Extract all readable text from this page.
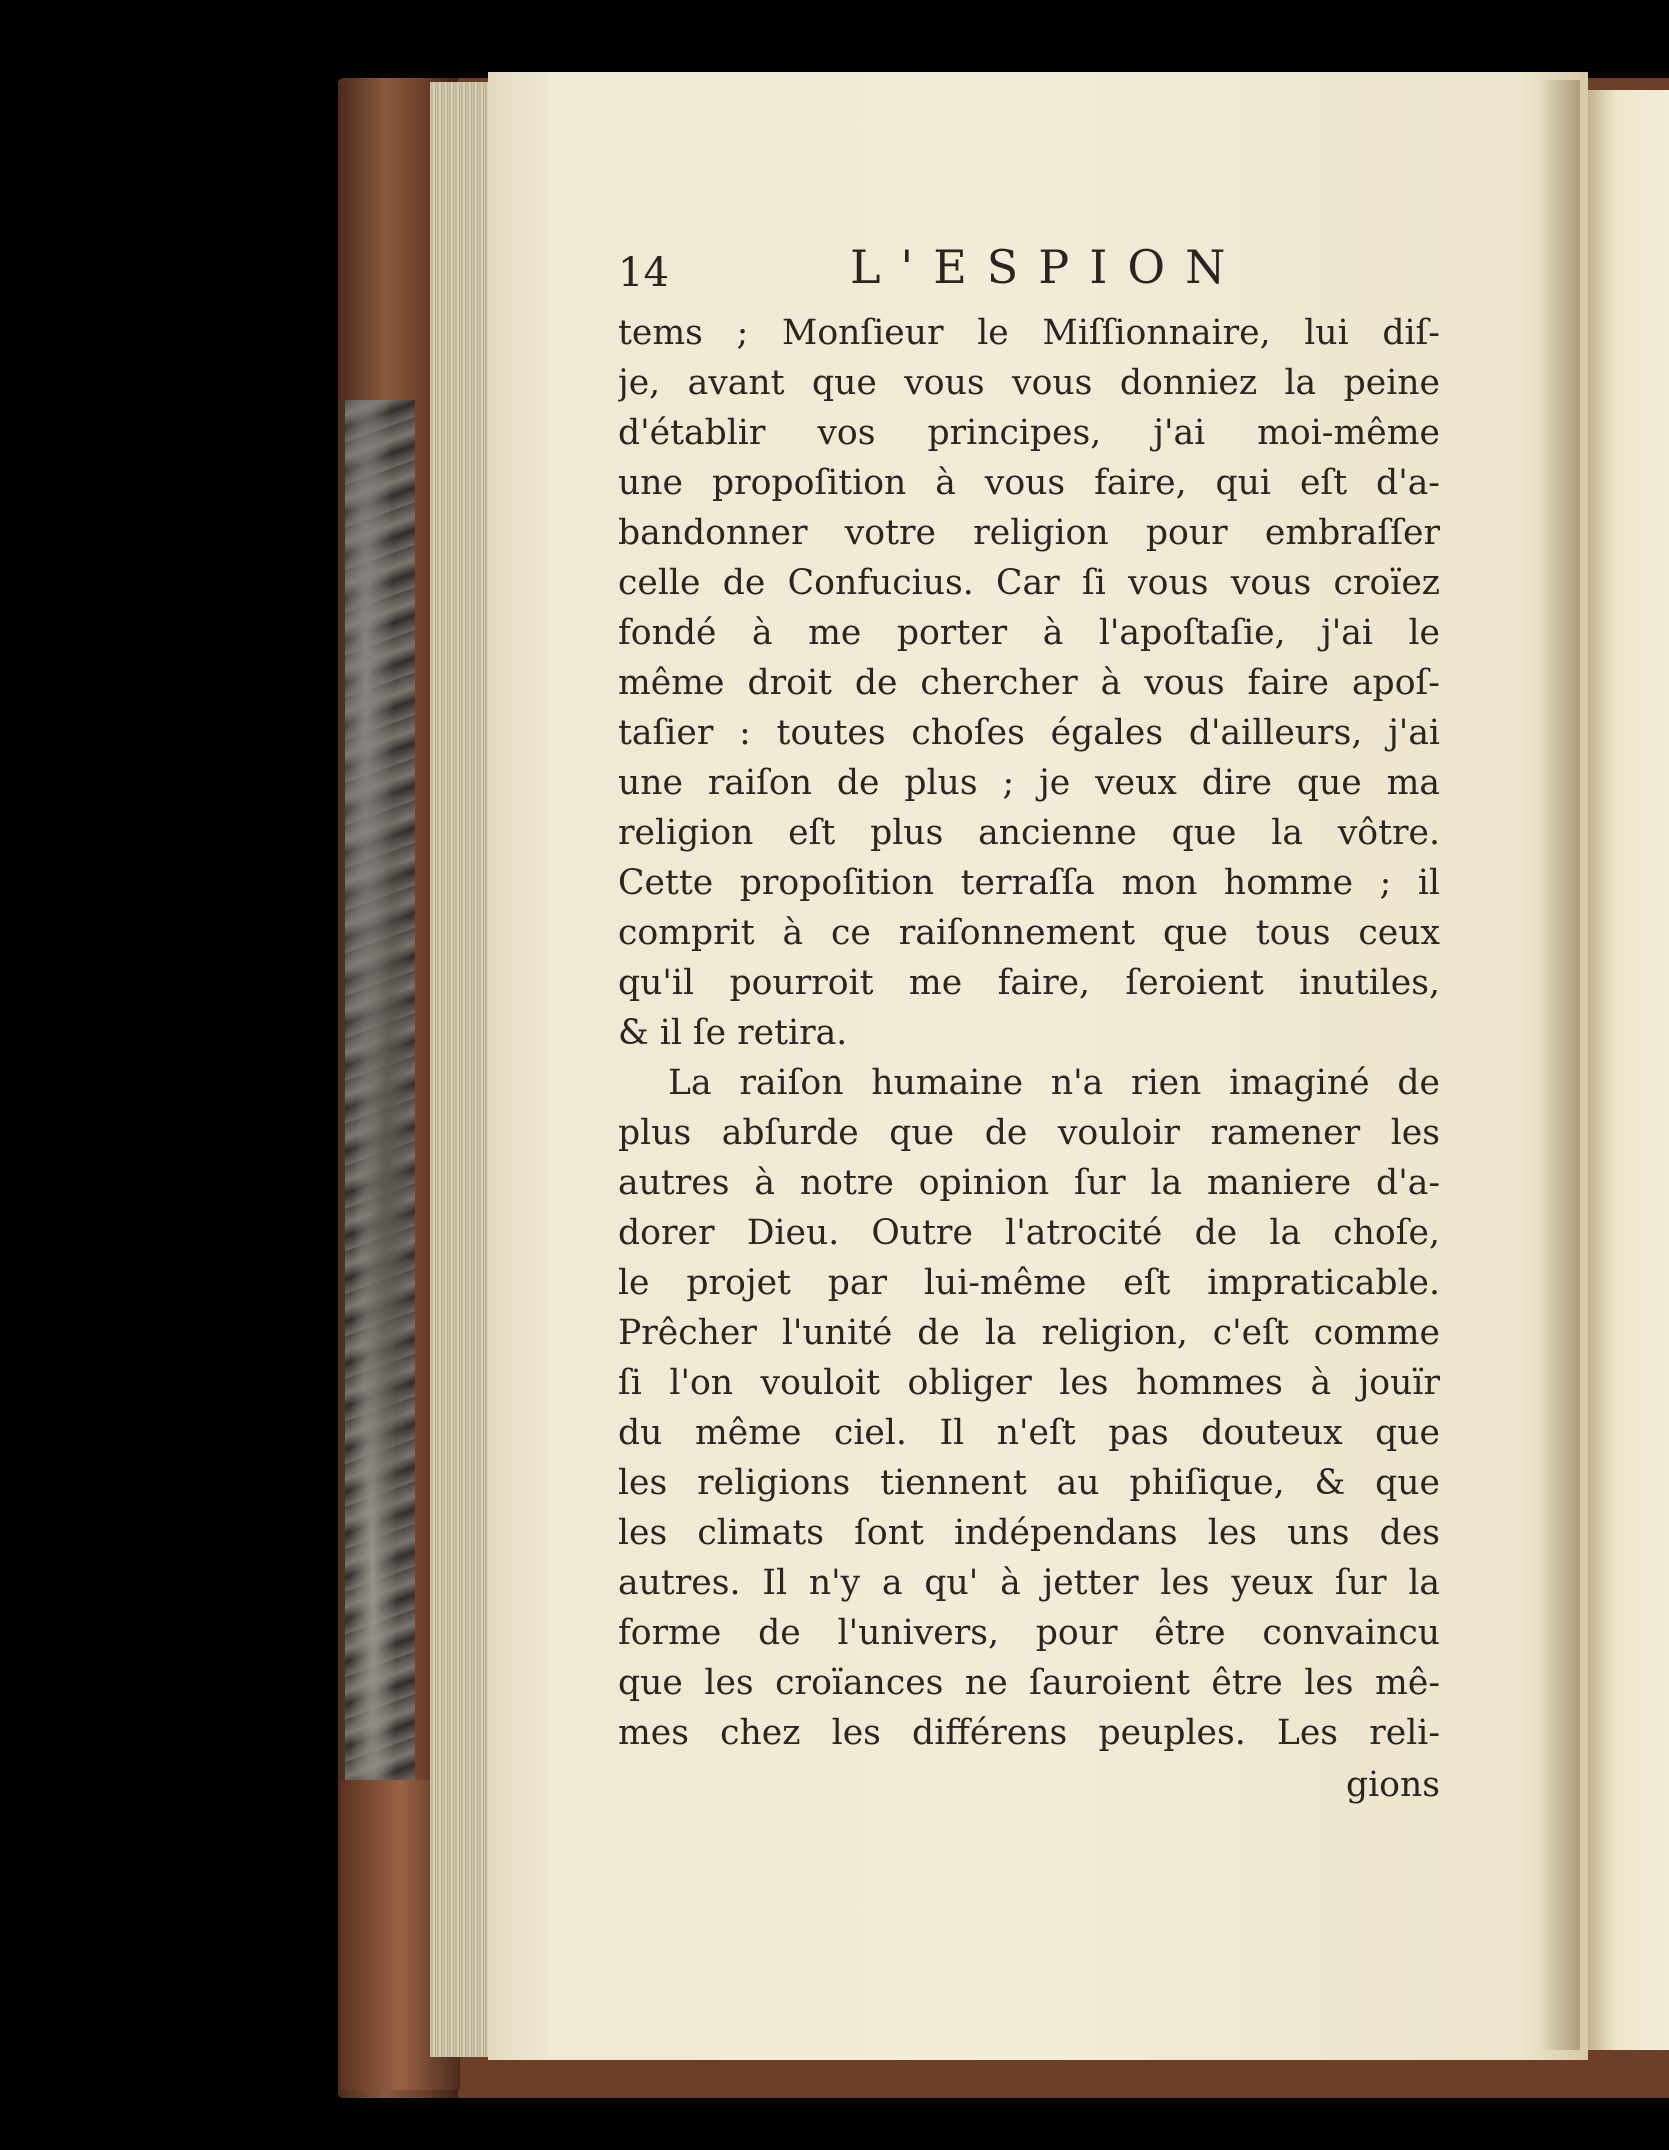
14	L'ESPION
tems ; Monſieur le Miſſionnaire, lui diſ-
je, avant que vous vous donniez la peine
d'établir vos principes, j'ai moi-même
une propoſition à vous faire, qui eſt d'a-
bandonner votre religion pour embraſſer
celle de Confucius. Car ſi vous vous croïez
fondé à me porter à l'apoſtaſie, j'ai le
même droit de chercher à vous faire apoſ-
taſier : toutes choſes égales d'ailleurs, j'ai
une raiſon de plus ; je veux dire que ma
religion eſt plus ancienne que la vôtre.
Cette propoſition terraſſa mon homme ; il
comprit à ce raiſonnement que tous ceux
qu'il pourroit me faire, ſeroient inutiles,
& il ſe retira.
La raiſon humaine n'a rien imaginé de
plus abſurde que de vouloir ramener les
autres à notre opinion ſur la maniere d'a-
dorer Dieu. Outre l'atrocité de la choſe,
le projet par lui-même eſt impraticable.
Prêcher l'unité de la religion, c'eſt comme
ſi l'on vouloit obliger les hommes à jouïr
du même ciel. Il n'eſt pas douteux que
les religions tiennent au phiſique, & que
les climats ſont indépendans les uns des
autres. Il n'y a qu' à jetter les yeux ſur la
forme de l'univers, pour être convaincu
que les croïances ne ſauroient être les mê-
mes chez les différens peuples. Les reli-
gions
